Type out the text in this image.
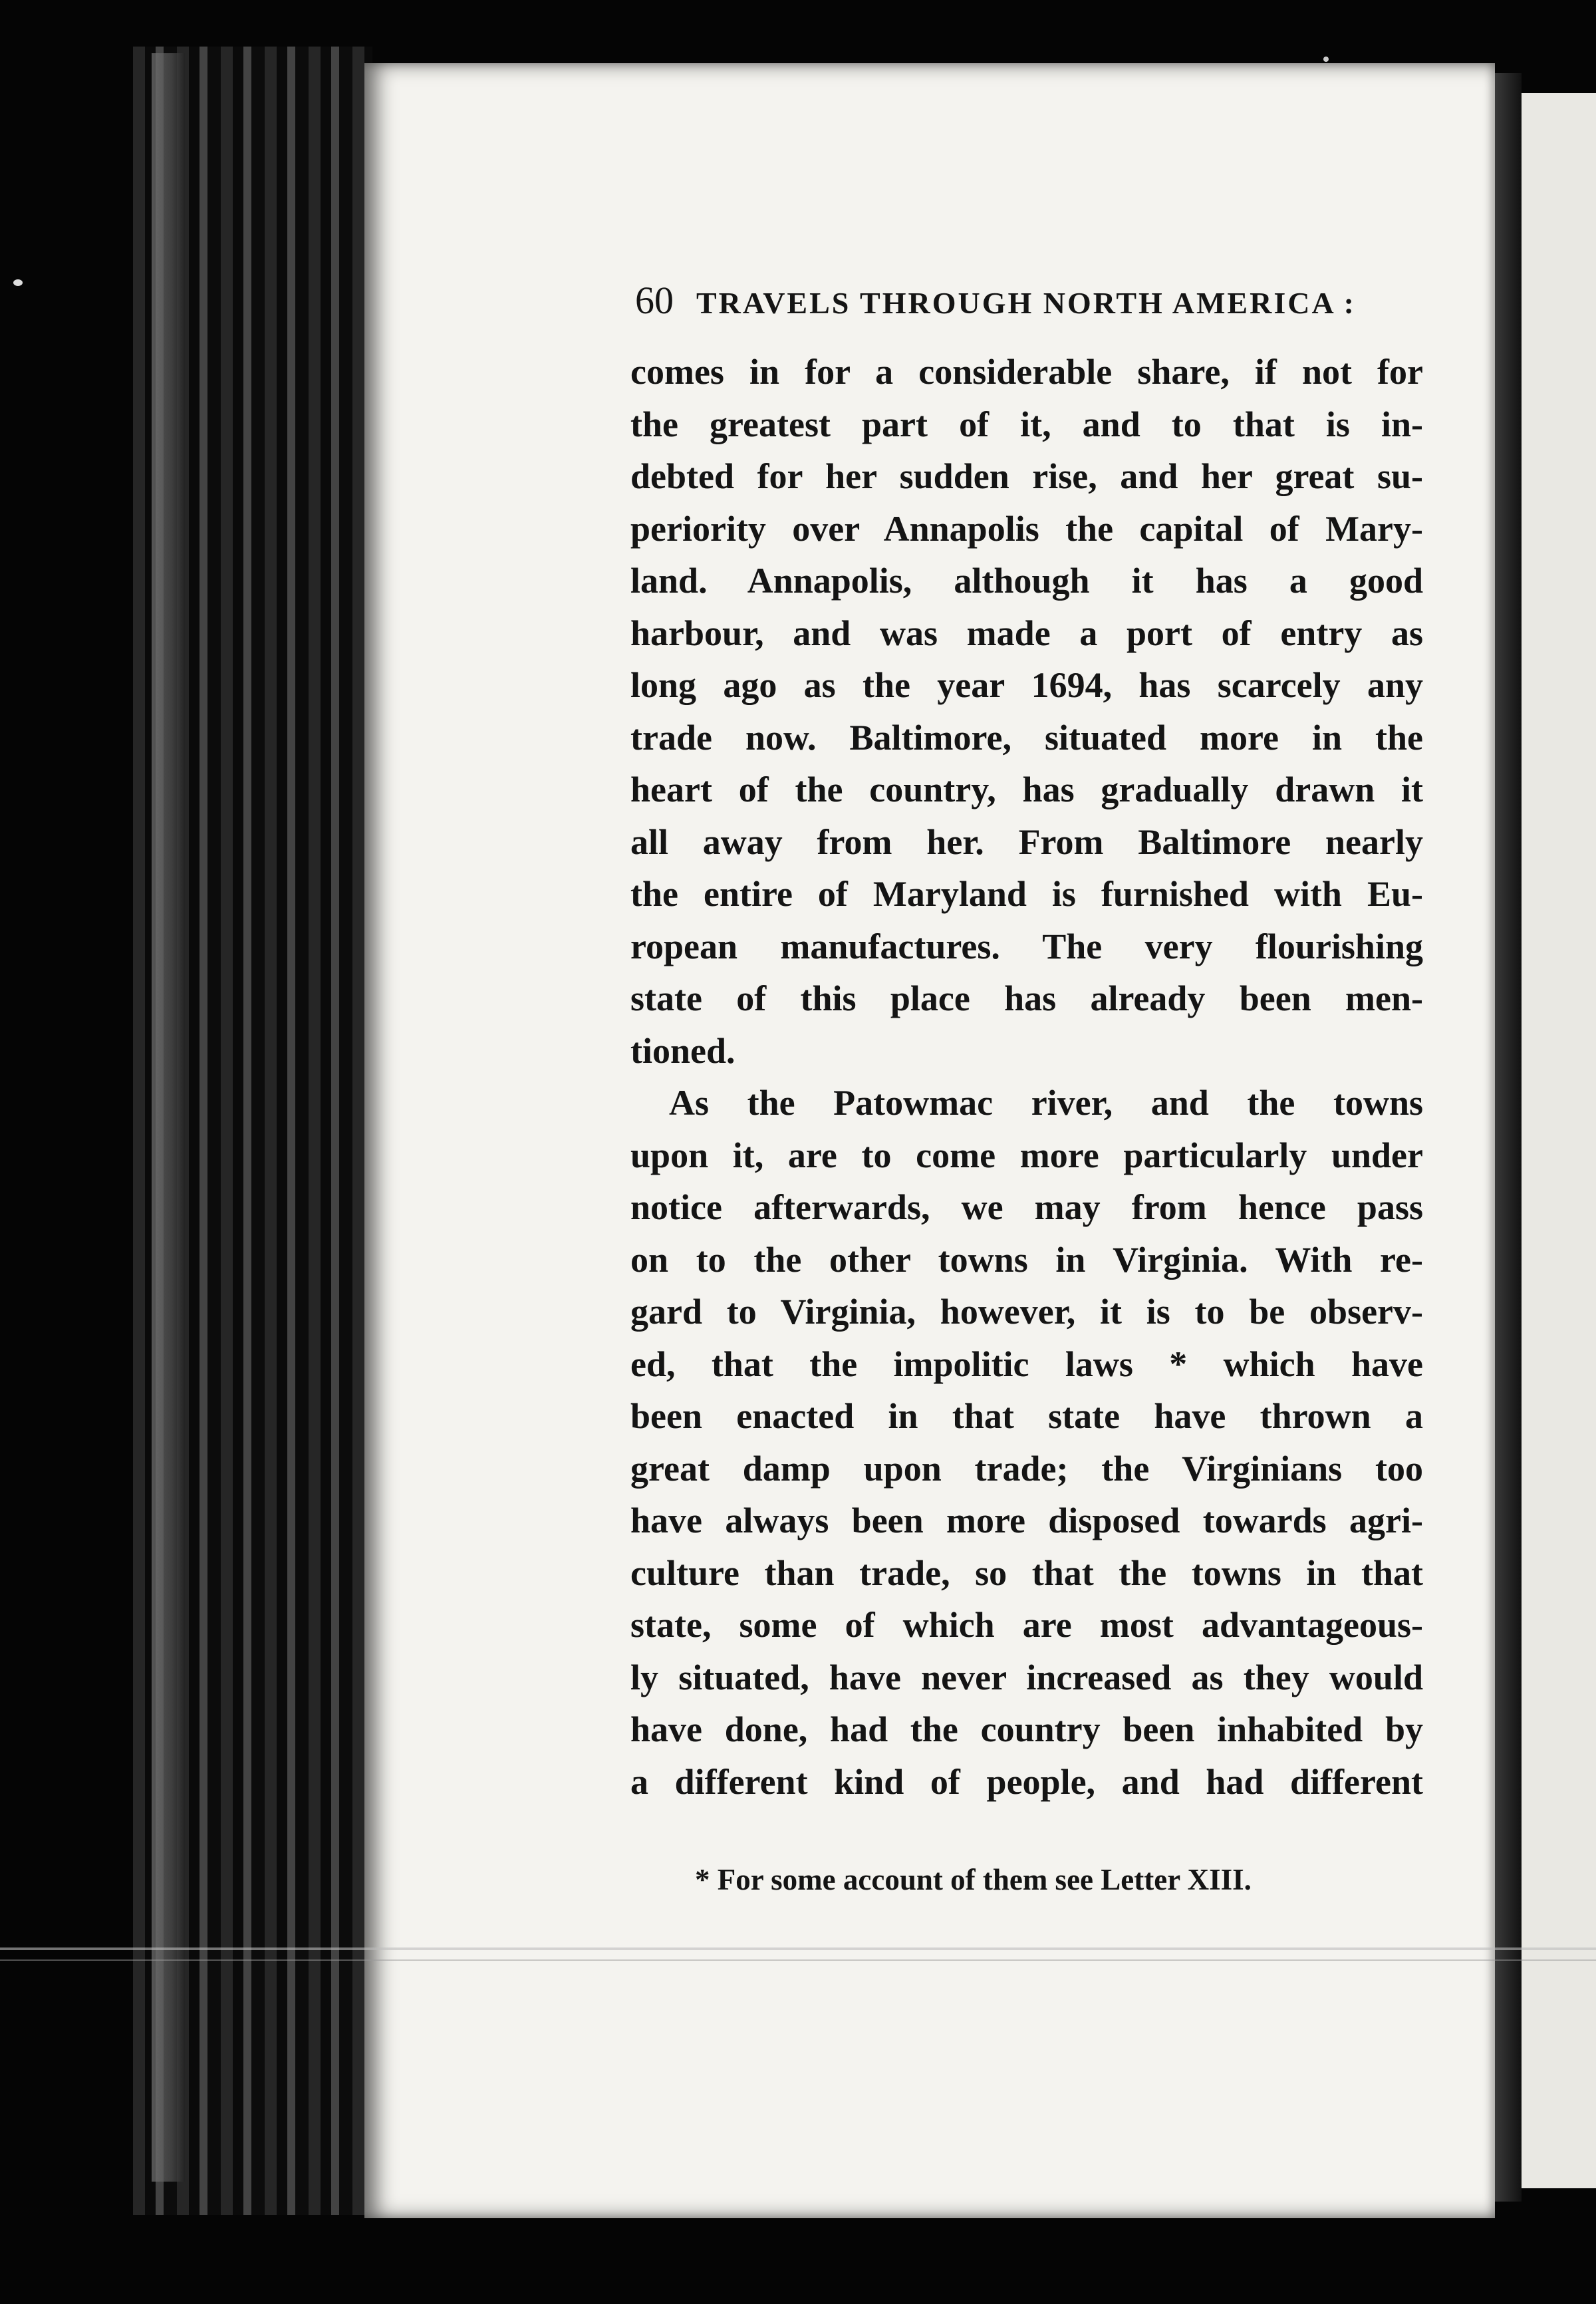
60 TRAVELS THROUGH NORTH AMERICA :
comes in for a considerable share, if not for
the greatest part of it, and to that is in-
debted for her sudden rise, and her great su-
periority over Annapolis the capital of Mary-
land. Annapolis, although it has a good
harbour, and was made a port of entry as
long ago as the year 1694, has scarcely any
trade now. Baltimore, situated more in the
heart of the country, has gradually drawn it
all away from her. From Baltimore nearly
the entire of Maryland is furnished with Eu-
ropean manufactures. The very flourishing
state of this place has already been men-
tioned.
As the Patowmac river, and the towns
upon it, are to come more particularly under
notice afterwards, we may from hence pass
on to the other towns in Virginia. With re-
gard to Virginia, however, it is to be observ-
ed, that the impolitic laws * which have
been enacted in that state have thrown a
great damp upon trade; the Virginians too
have always been more disposed towards agri-
culture than trade, so that the towns in that
state, some of which are most advantageous-
ly situated, have never increased as they would
have done, had the country been inhabited by
a different kind of people, and had different
* For some account of them see Letter XIII.
